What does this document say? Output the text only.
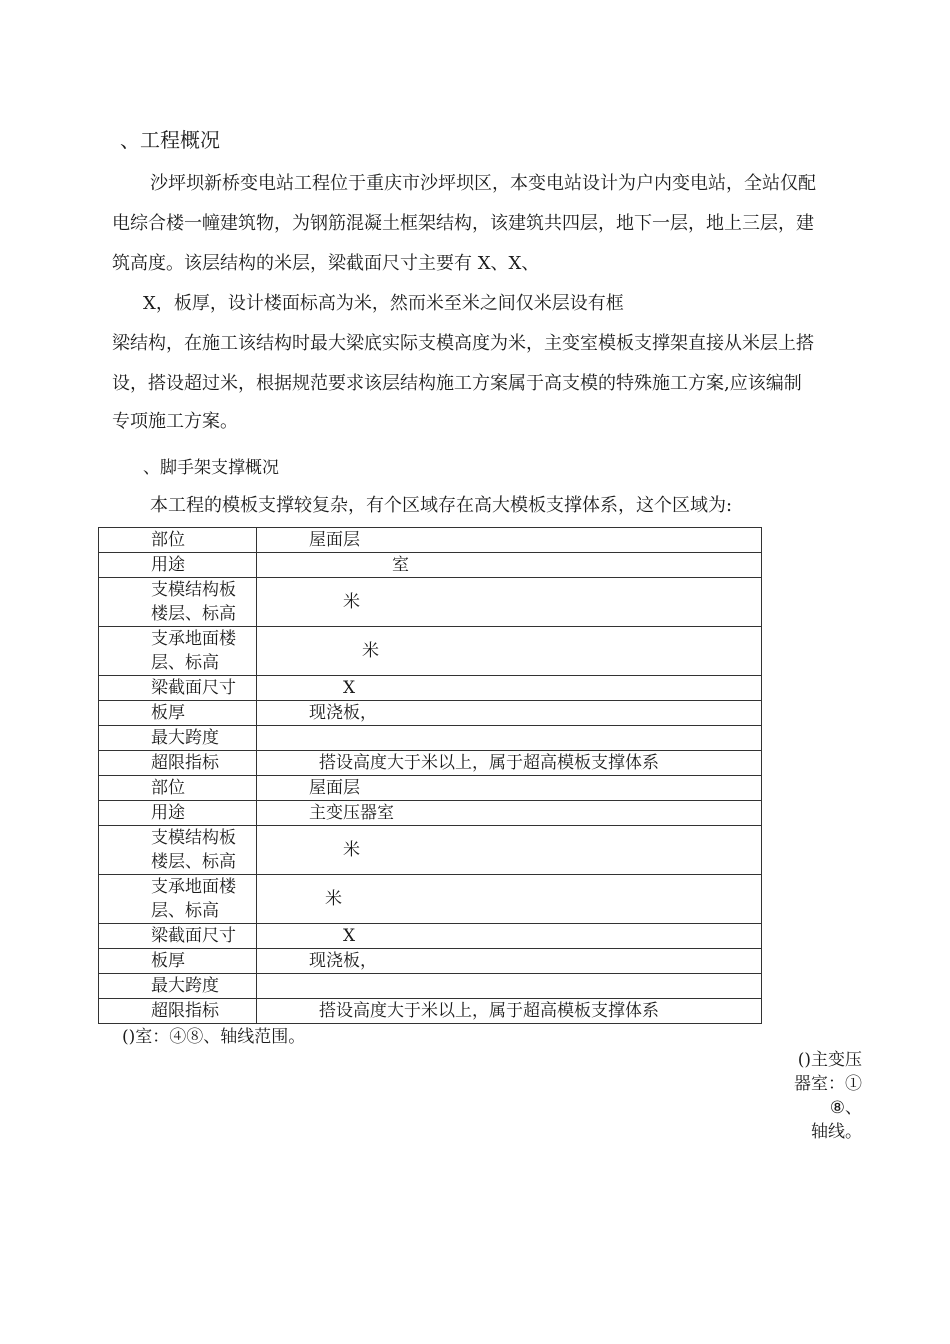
、工程概况
沙坪坝新桥变电站工程位于重庆市沙坪坝区，本变电站设计为户内变电站，全站仅配
电综合楼一幢建筑物，为钢筋混凝土框架结构，该建筑共四层，地下一层，地上三层，建
筑高度。该层结构的米层，梁截面尺寸主要有 X、X、
X，板厚，设计楼面标高为米，然而米至米之间仅米层设有框
梁结构，在施工该结构时最大梁底实际支模高度为米，主变室模板支撑架直接从米层上搭
设，搭设超过米，根据规范要求该层结构施工方案属于高支模的特殊施工方案,应该编制
专项施工方案。
、脚手架支撑概况
本工程的模板支撑较复杂，有个区域存在高大模板支撑体系，这个区域为:
部位	屋面层

用途	室

支模结构板楼层、标高	米

支承地面楼层、标高	米

梁截面尺寸	X

板厚	现浇板，

最大跨度	

超限指标	搭设高度大于米以上，属于超高模板支撑体系

部位	屋面层

用途	主变压器室

支模结构板楼层、标高	米

支承地面楼层、标高	米

梁截面尺寸	X

板厚	现浇板，

最大跨度	

超限指标	搭设高度大于米以上，属于超高模板支撑体系
()室：④⑧、轴线范围。
()主变压
器室：①
⑧、
轴线。
